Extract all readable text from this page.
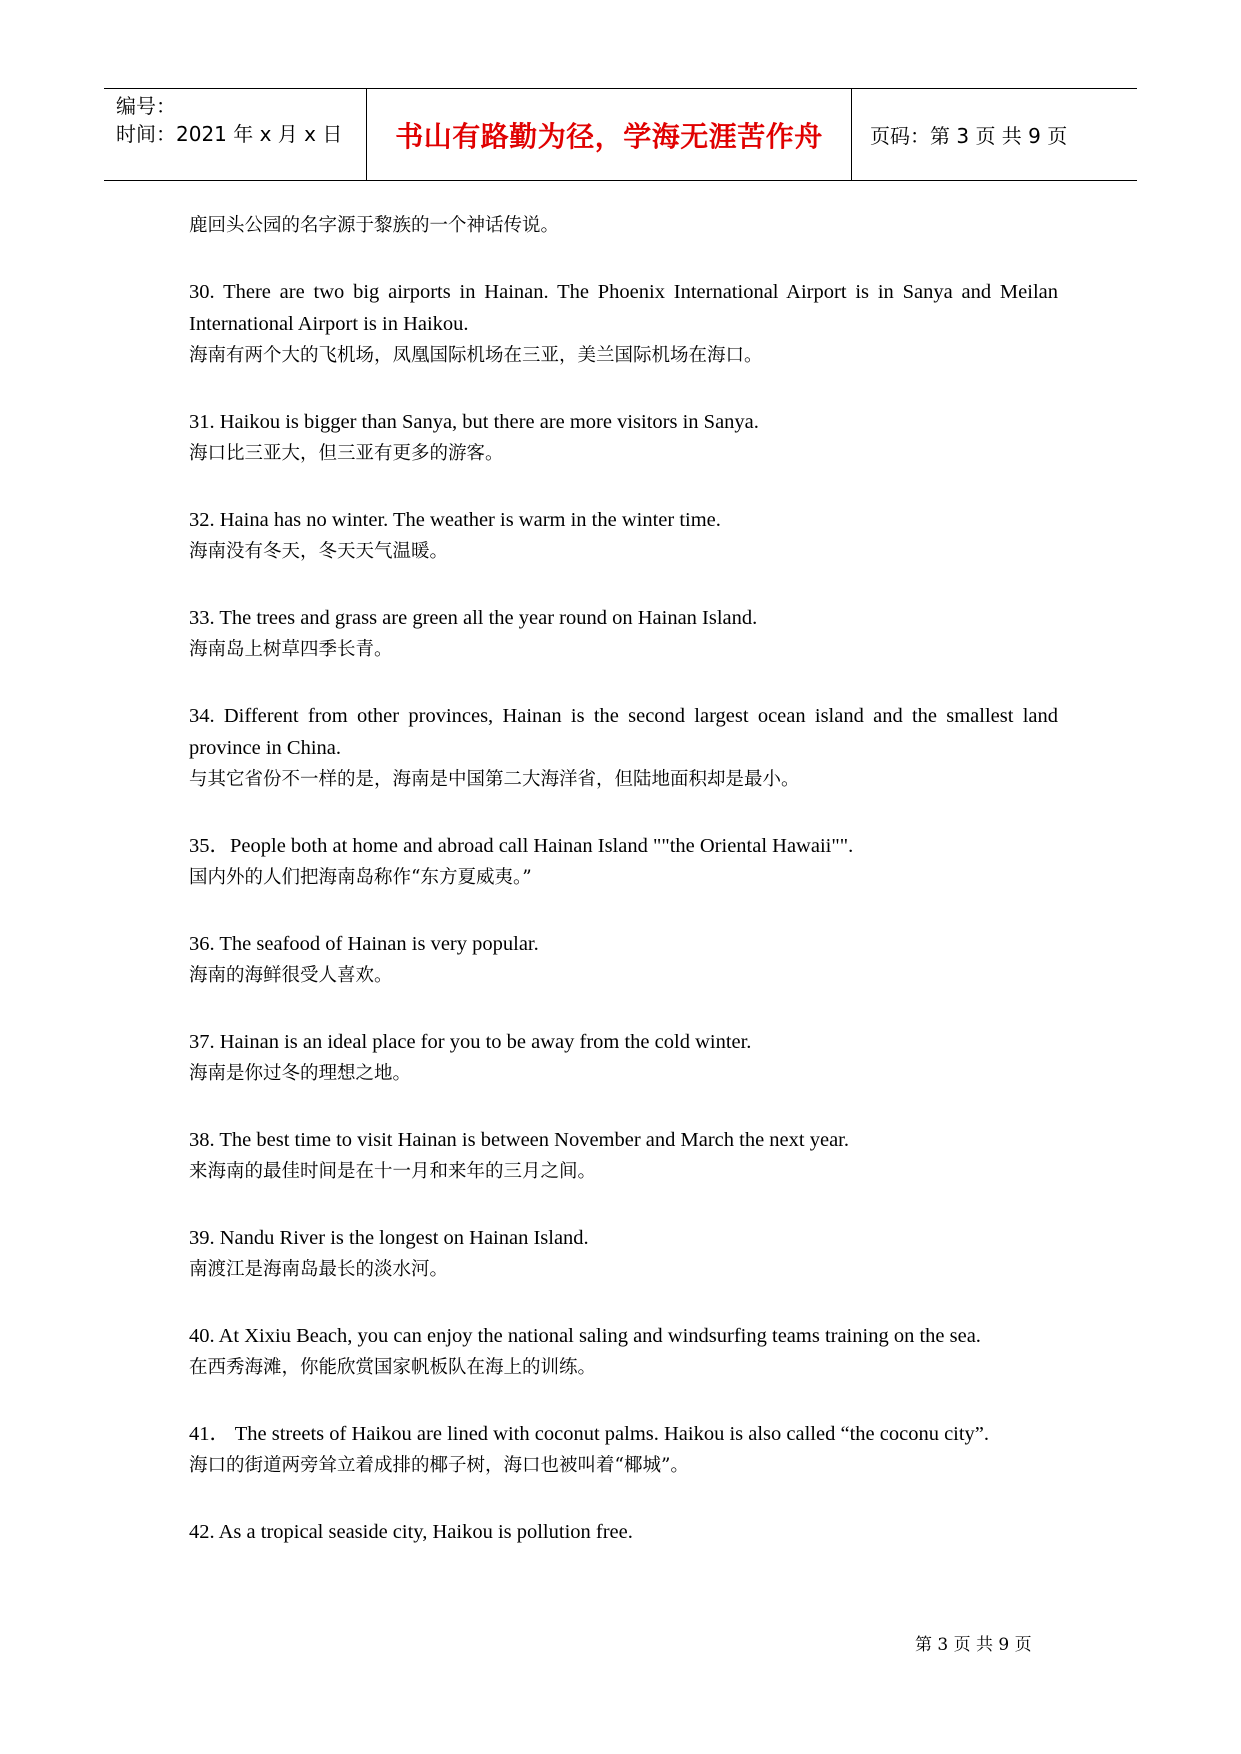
编号：
时间：2021 年 x 月 x 日	书山有路勤为径，学海无涯苦作舟	页码：第 3 页 共 9 页
鹿回头公园的名字源于黎族的一个神话传说。
30. There are two big airports in Hainan. The Phoenix International Airport is in Sanya and Meilan International Airport is in Haikou.
海南有两个大的飞机场，凤凰国际机场在三亚，美兰国际机场在海口。
31. Haikou is bigger than Sanya, but there are more visitors in Sanya.
海口比三亚大，但三亚有更多的游客。
32. Haina has no winter. The weather is warm in the winter time.
海南没有冬天，冬天天气温暖。
33. The trees and grass are green all the year round on Hainan Island.
海南岛上树草四季长青。
34. Different from other provinces, Hainan is the second largest ocean island and the smallest land province in China.
与其它省份不一样的是，海南是中国第二大海洋省，但陆地面积却是最小。
35．People both at home and abroad call Hainan Island ""the Oriental Hawaii"".
国内外的人们把海南岛称作“东方夏威夷。”
36. The seafood of Hainan is very popular.
海南的海鲜很受人喜欢。
37. Hainan is an ideal place for you to be away from the cold winter.
海南是你过冬的理想之地。
38. The best time to visit Hainan is between November and March the next year.
来海南的最佳时间是在十一月和来年的三月之间。
39. Nandu River is the longest on Hainan Island.
南渡江是海南岛最长的淡水河。
40. At Xixiu Beach, you can enjoy the national saling and windsurfing teams training on the sea.
在西秀海滩，你能欣赏国家帆板队在海上的训练。
41． The streets of Haikou are lined with coconut palms. Haikou is also called “the coconu city”.
海口的街道两旁耸立着成排的椰子树，海口也被叫着“椰城”。
42. As a tropical seaside city, Haikou is pollution free.
第 3 页 共 9 页
